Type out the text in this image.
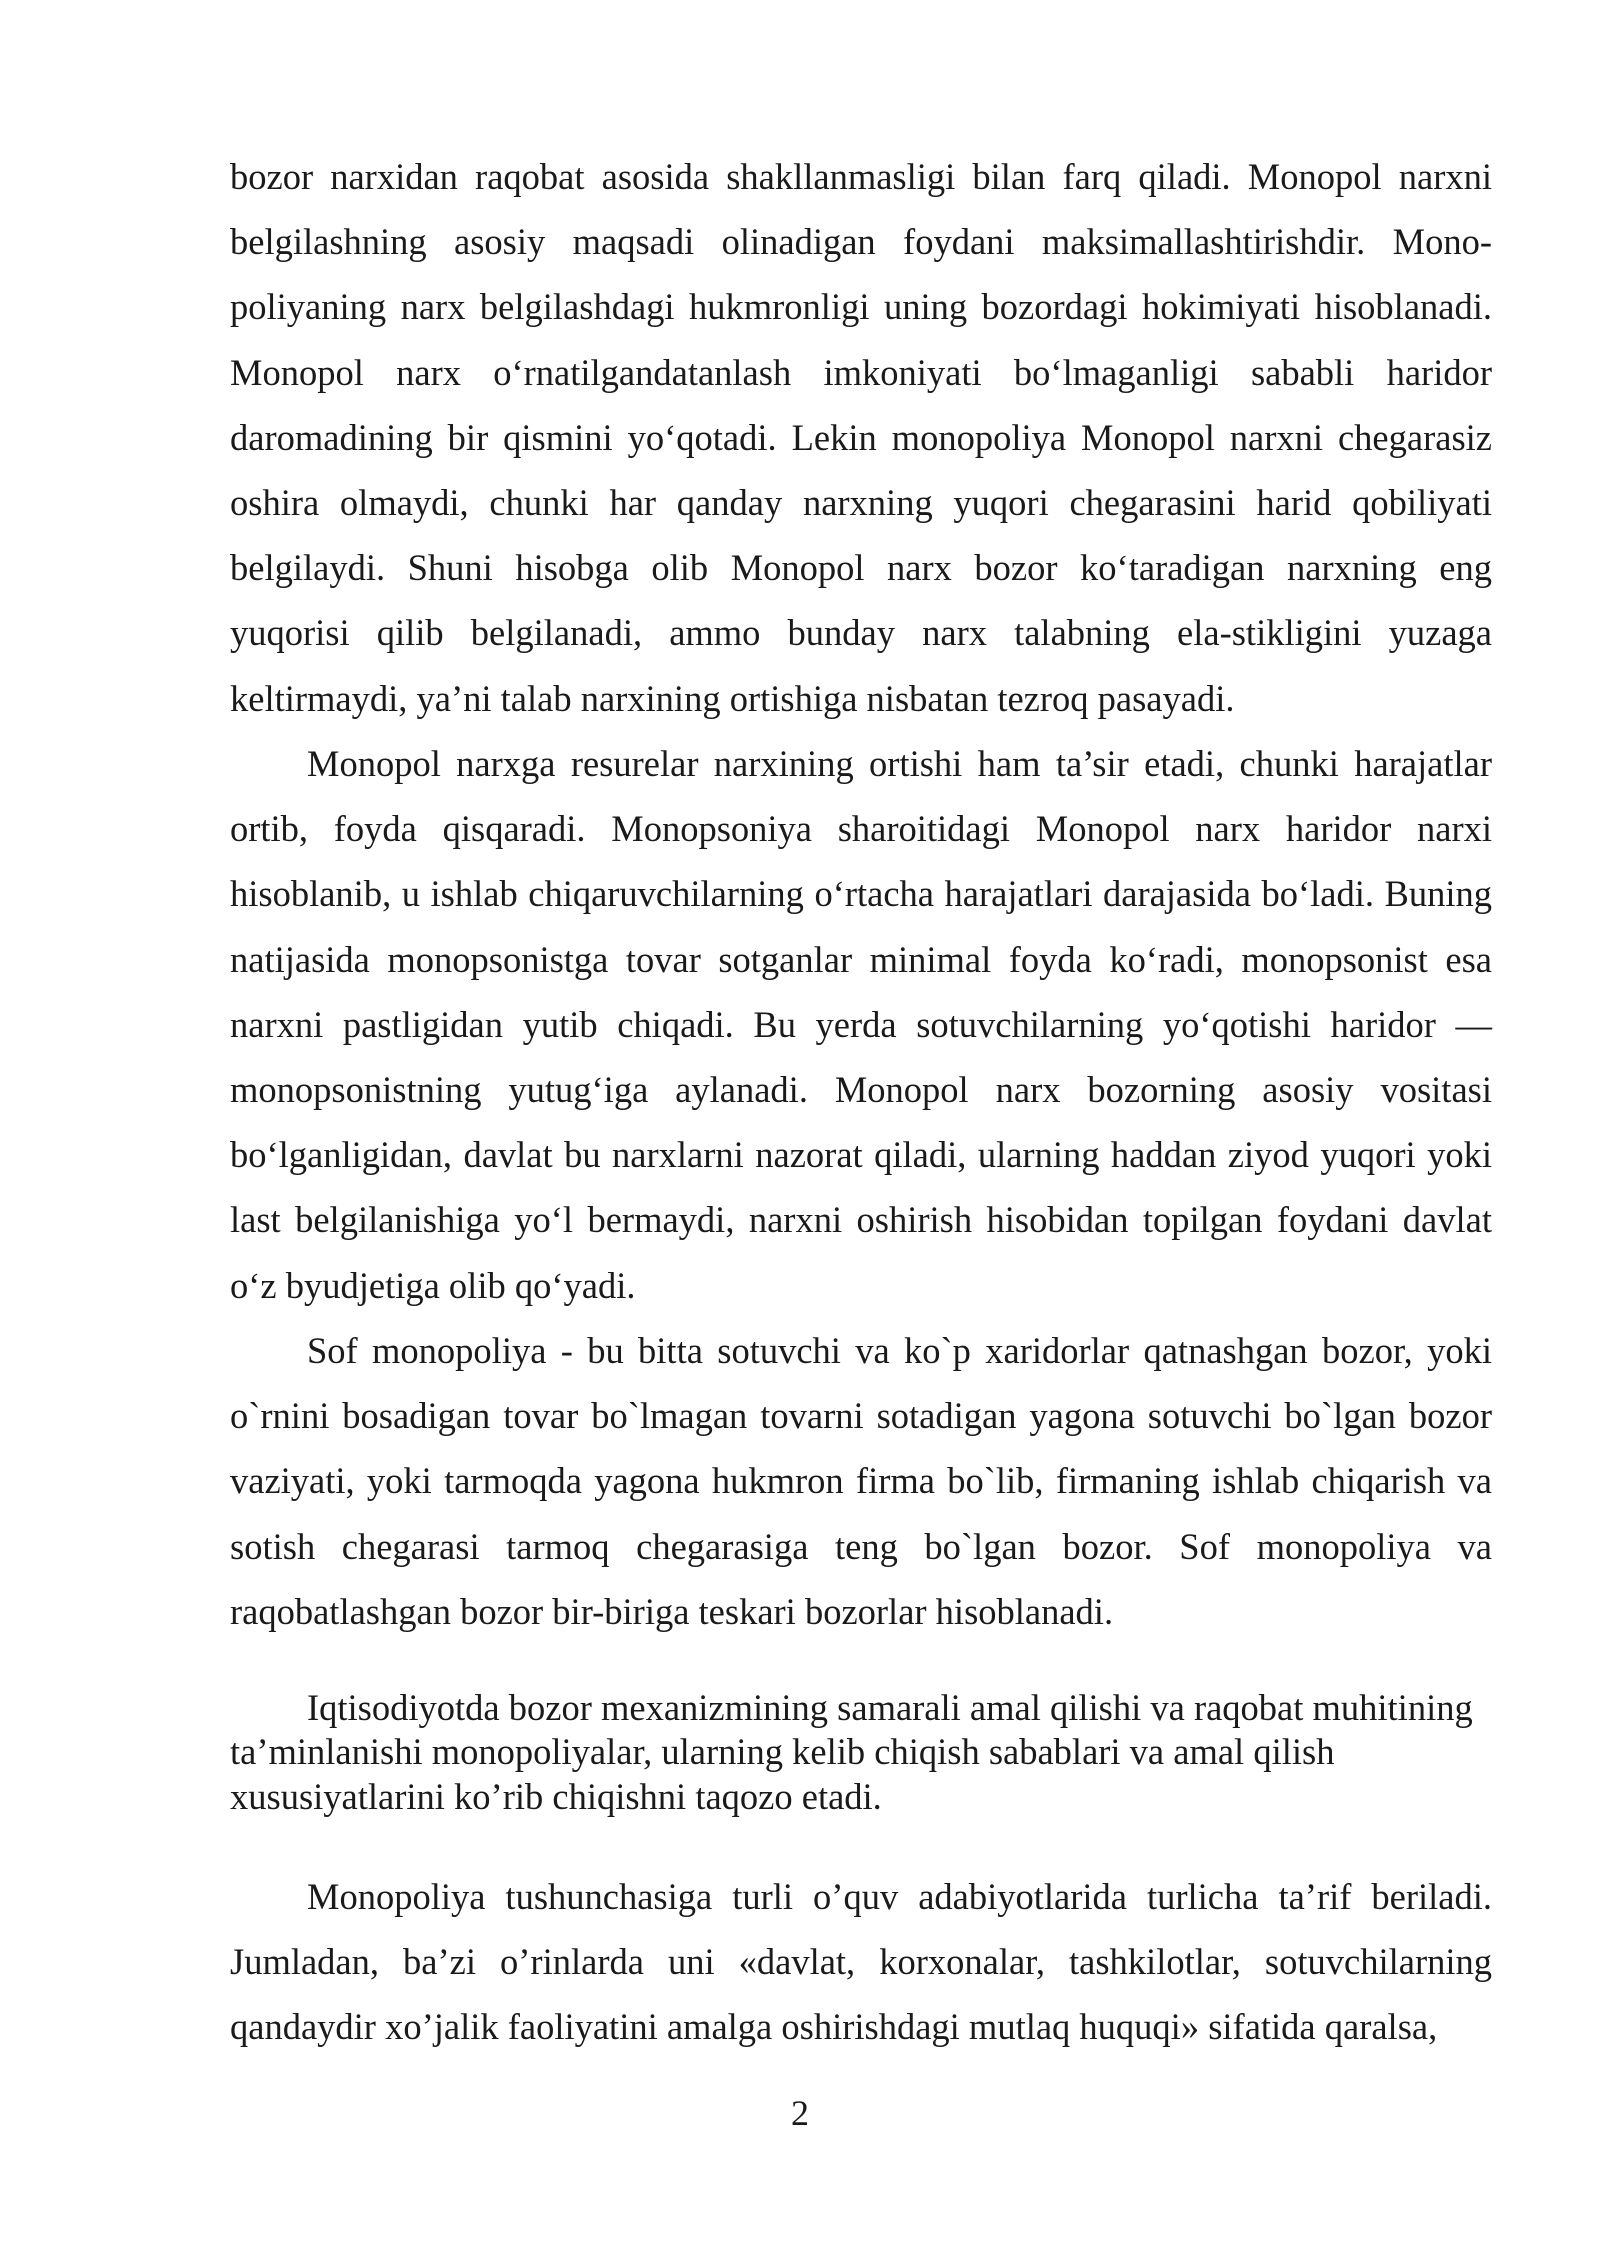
bozor narxidan raqobat asosida shakllanmasligi bilan farq qiladi. Monopol narxni belgilashning asosiy maqsadi olinadigan foydani maksimallashtirishdir. Mono-poliyaning narx belgilashdagi hukmronligi uning bozordagi hokimiyati hisoblanadi. Monopol narx o‘rnatilgandatanlash imkoniyati bo‘lmaganligi sababli haridor daromadining bir qismini yo‘qotadi. Lekin monopoliya Monopol narxni chegarasiz oshira olmaydi, chunki har qanday narxning yuqori chegarasini harid qobiliyati belgilaydi. Shuni hisobga olib Monopol narx bozor ko‘taradigan narxning eng yuqorisi qilib belgilanadi, ammo bunday narx talabning ela-stikligini yuzaga keltirmaydi, ya’ni talab narxining ortishiga nisbatan tezroq pasayadi.

Monopol narxga resurelar narxining ortishi ham ta’sir etadi, chunki harajatlar ortib, foyda qisqaradi. Monopsoniya sharoitidagi Monopol narx haridor narxi hisoblanib, u ishlab chiqaruvchilarning o‘rtacha harajatlari darajasida bo‘ladi. Buning natijasida monopsonistga tovar sotganlar minimal foyda ko‘radi, monopsonist esa narxni pastligidan yutib chiqadi. Bu yerda sotuvchilarning yo‘qotishi haridor — monopsonistning yutug‘iga aylanadi. Monopol narx bozorning asosiy vositasi bo‘lganligidan, davlat bu narxlarni nazorat qiladi, ularning haddan ziyod yuqori yoki last belgilanishiga yo‘l bermaydi, narxni oshirish hisobidan topilgan foydani davlat o‘z byudjetiga olib qo‘yadi.

Sof monopoliya - bu bitta sotuvchi va ko`p xaridorlar qatnashgan bozor, yoki o`rnini bosadigan tovar bo`lmagan tovarni sotadigan yagona sotuvchi bo`lgan bozor vaziyati, yoki tarmoqda yagona hukmron firma bo`lib, firmaning ishlab chiqarish va sotish chegarasi tarmoq chegarasiga teng bo`lgan bozor. Sof monopoliya va raqobatlashgan bozor bir-biriga teskari bozorlar hisoblanadi.

Iqtisodiyotda bozor mexanizmining samarali amal qilishi va raqobat muhitining ta’minlanishi monopoliyalar, ularning kelib chiqish sabablari va amal qilish xususiyatlarini ko’rib chiqishni taqozo etadi.

Monopoliya tushunchasiga turli o’quv adabiyotlarida turlicha ta’rif beriladi. Jumladan, ba’zi o’rinlarda uni «davlat, korxonalar, tashkilotlar, sotuvchilarning qandaydir xo’jalik faoliyatini amalga oshirishdagi mutlaq huquqi» sifatida qaralsa,

2
